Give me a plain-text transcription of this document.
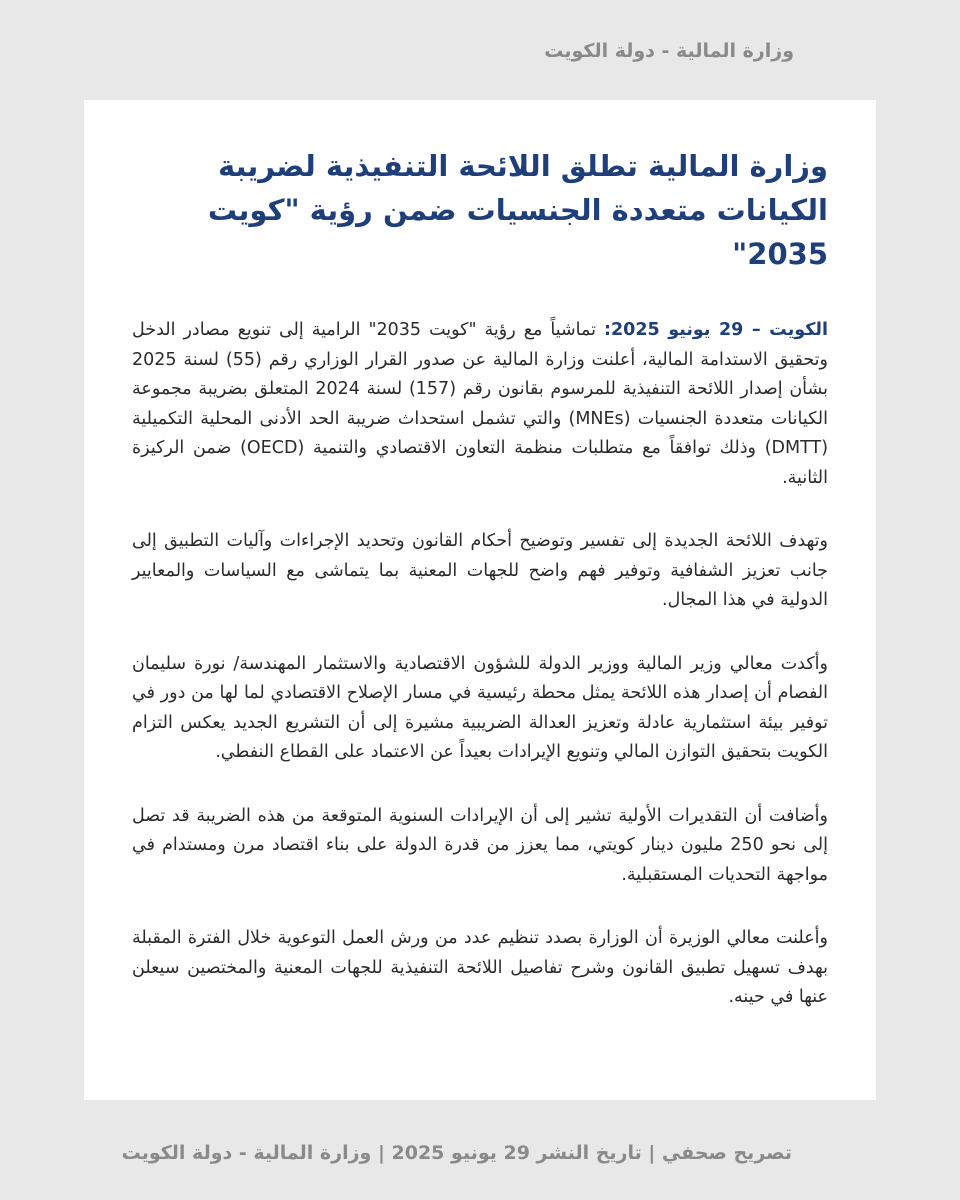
وزارة المالية - دولة الكويت
وزارة المالية تطلق اللائحة التنفيذية لضريبة الكيانات متعددة الجنسيات ضمن رؤية "كويت 2035"

الكويت – 29 يونيو 2025: تماشياً مع رؤية "كويت 2035" الرامية إلى تنويع مصادر الدخل وتحقيق الاستدامة المالية، أعلنت وزارة المالية عن صدور القرار الوزاري رقم (55) لسنة 2025 بشأن إصدار اللائحة التنفيذية للمرسوم بقانون رقم (157) لسنة 2024 المتعلق بضريبة مجموعة الكيانات متعددة الجنسيات (MNEs) والتي تشمل استحداث ضريبة الحد الأدنى المحلية التكميلية (DMTT) وذلك توافقاً مع متطلبات منظمة التعاون الاقتصادي والتنمية (OECD) ضمن الركيزة الثانية.

وتهدف اللائحة الجديدة إلى تفسير وتوضيح أحكام القانون وتحديد الإجراءات وآليات التطبيق إلى جانب تعزيز الشفافية وتوفير فهم واضح للجهات المعنية بما يتماشى مع السياسات والمعايير الدولية في هذا المجال.

وأكدت معالي وزير المالية ووزير الدولة للشؤون الاقتصادية والاستثمار المهندسة/ نورة سليمان الفصام أن إصدار هذه اللائحة يمثل محطة رئيسية في مسار الإصلاح الاقتصادي لما لها من دور في توفير بيئة استثمارية عادلة وتعزيز العدالة الضريبية مشيرة إلى أن التشريع الجديد يعكس التزام الكويت بتحقيق التوازن المالي وتنويع الإيرادات بعيداً عن الاعتماد على القطاع النفطي.

وأضافت أن التقديرات الأولية تشير إلى أن الإيرادات السنوية المتوقعة من هذه الضريبة قد تصل إلى نحو 250 مليون دينار كويتي، مما يعزز من قدرة الدولة على بناء اقتصاد مرن ومستدام في مواجهة التحديات المستقبلية.

وأعلنت معالي الوزيرة أن الوزارة بصدد تنظيم عدد من ورش العمل التوعوية خلال الفترة المقبلة بهدف تسهيل تطبيق القانون وشرح تفاصيل اللائحة التنفيذية للجهات المعنية والمختصين سيعلن عنها في حينه.

تصريح صحفي | تاريخ النشر 29 يونيو 2025 | وزارة المالية - دولة الكويت
